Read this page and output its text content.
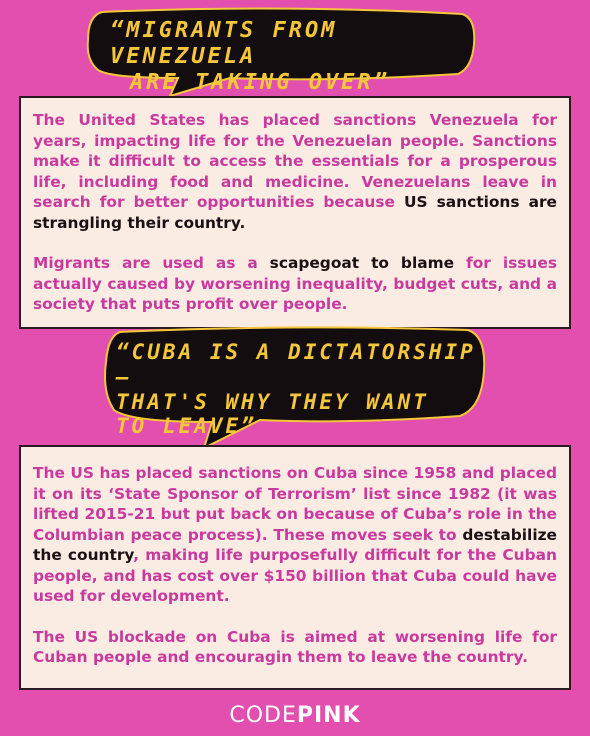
“MIGRANTS FROM VENEZUELA
ARE TAKING OVER”

The United States has placed sanctions Venezuela for years, impacting life for the Venezuelan people. Sanctions make it difficult to access the essentials for a prosperous life, including food and medicine. Venezuelans leave in search for better opportunities because US sanctions are strangling their country.

Migrants are used as a scapegoat to blame for issues actually caused by worsening inequality, budget cuts, and a society that puts profit over people.

“CUBA IS A DICTATORSHIP—
THAT'S WHY THEY WANT
TO LEAVE”

The US has placed sanctions on Cuba since 1958 and placed it on its ‘State Sponsor of Terrorism’ list since 1982 (it was lifted 2015-21 but put back on because of Cuba’s role in the Columbian peace process). These moves seek to destabilize the country, making life purposefully difficult for the Cuban people, and has cost over $150 billion that Cuba could have used for development.

The US blockade on Cuba is aimed at worsening life for Cuban people and encouragin them to leave the country.

CODEPINK
